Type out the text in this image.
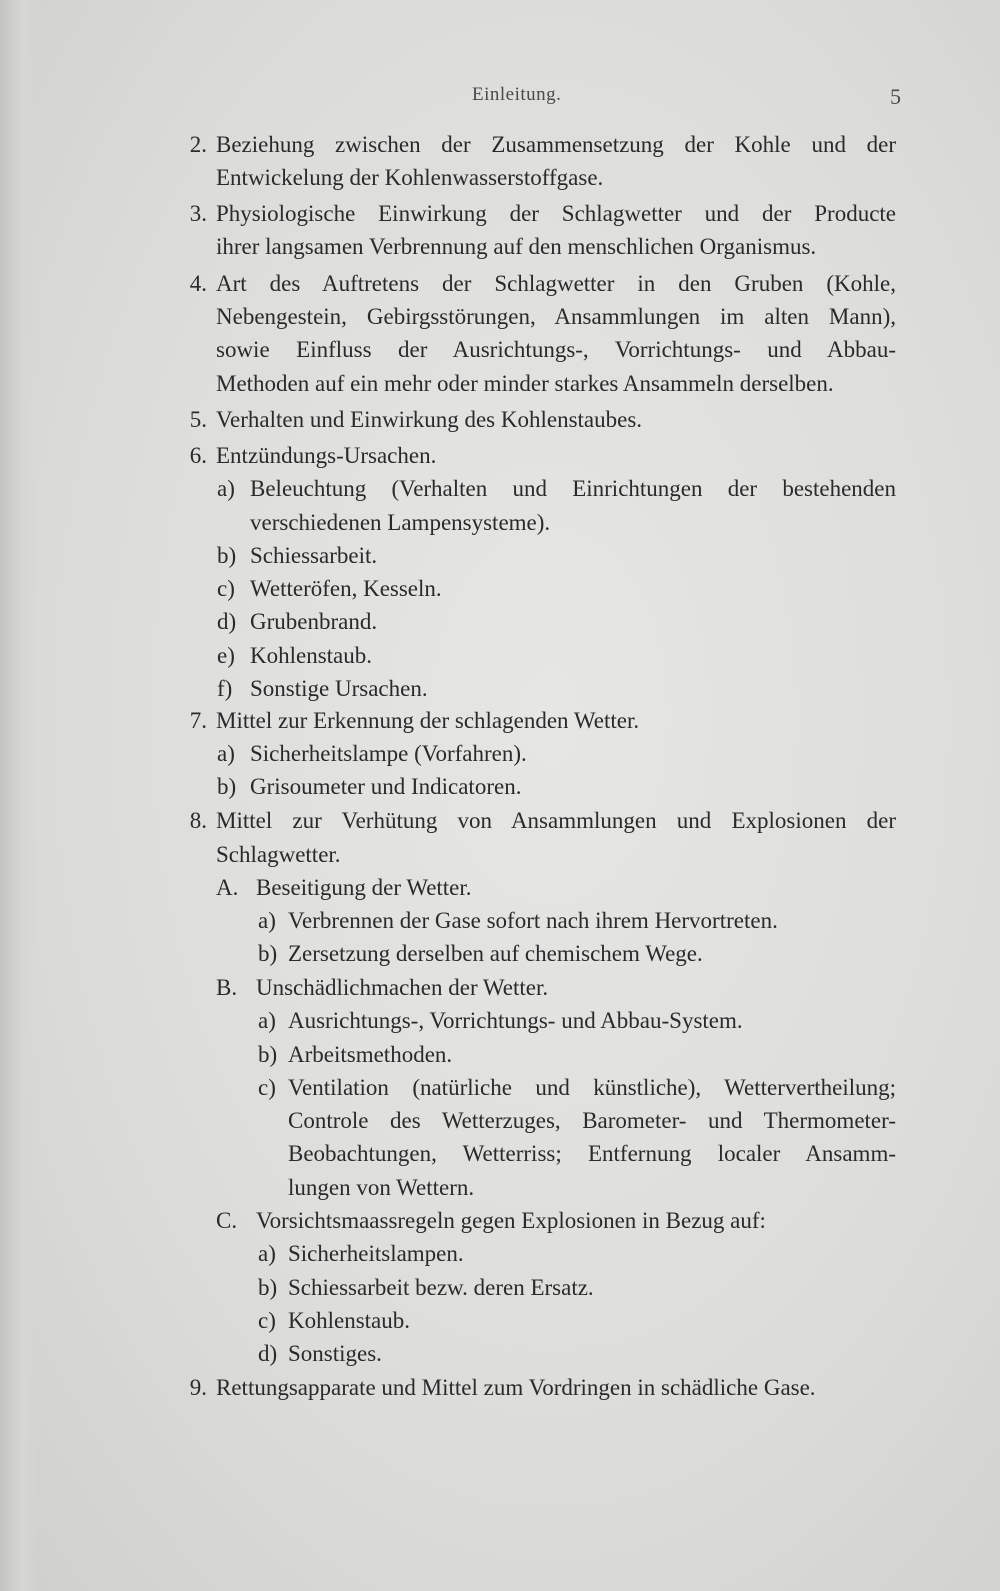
Einleitung.	5
2. Beziehung zwischen der Zusammensetzung der Kohle und der
Entwickelung der Kohlenwasserstoffgase.
3. Physiologische Einwirkung der Schlagwetter und der Producte
ihrer langsamen Verbrennung auf den menschlichen Organismus.
4. Art des Auftretens der Schlagwetter in den Gruben (Kohle,
Nebengestein, Gebirgsstörungen, Ansammlungen im alten Mann),
sowie Einfluss der Ausrichtungs-, Vorrichtungs- und Abbau-
Methoden auf ein mehr oder minder starkes Ansammeln derselben.
5. Verhalten und Einwirkung des Kohlenstaubes.
6. Entzündungs-Ursachen.
a) Beleuchtung (Verhalten und Einrichtungen der bestehenden
verschiedenen Lampensysteme).
b) Schiessarbeit.
c) Wetteröfen, Kesseln.
d) Grubenbrand.
e) Kohlenstaub.
f) Sonstige Ursachen.
7. Mittel zur Erkennung der schlagenden Wetter.
a) Sicherheitslampe (Vorfahren).
b) Grisoumeter und Indicatoren.
8. Mittel zur Verhütung von Ansammlungen und Explosionen der
Schlagwetter.
A. Beseitigung der Wetter.
a) Verbrennen der Gase sofort nach ihrem Hervortreten.
b) Zersetzung derselben auf chemischem Wege.
B. Unschädlichmachen der Wetter.
a) Ausrichtungs-, Vorrichtungs- und Abbau-System.
b) Arbeitsmethoden.
c) Ventilation (natürliche und künstliche), Wettervertheilung;
Controle des Wetterzuges, Barometer- und Thermometer-
Beobachtungen, Wetterriss; Entfernung localer Ansamm-
lungen von Wettern.
C. Vorsichtsmaassregeln gegen Explosionen in Bezug auf:
a) Sicherheitslampen.
b) Schiessarbeit bezw. deren Ersatz.
c) Kohlenstaub.
d) Sonstiges.
9. Rettungsapparate und Mittel zum Vordringen in schädliche Gase.
